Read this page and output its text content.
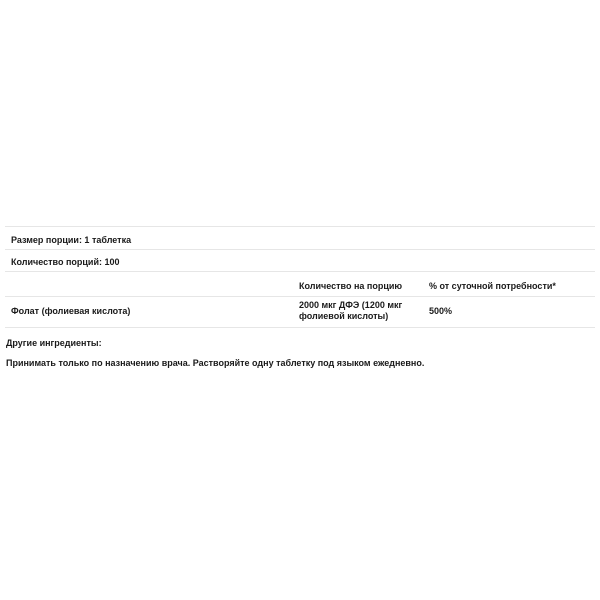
Размер порции: 1 таблетка
Количество порций: 100
Количество на порцию	% от суточной потребности*
Фолат (фолиевая кислота)
2000 мкг ДФЭ (1200 мкг фолиевой кислоты)	500%
Другие ингредиенты:
Принимать только по назначению врача. Растворяйте одну таблетку под языком ежедневно.
